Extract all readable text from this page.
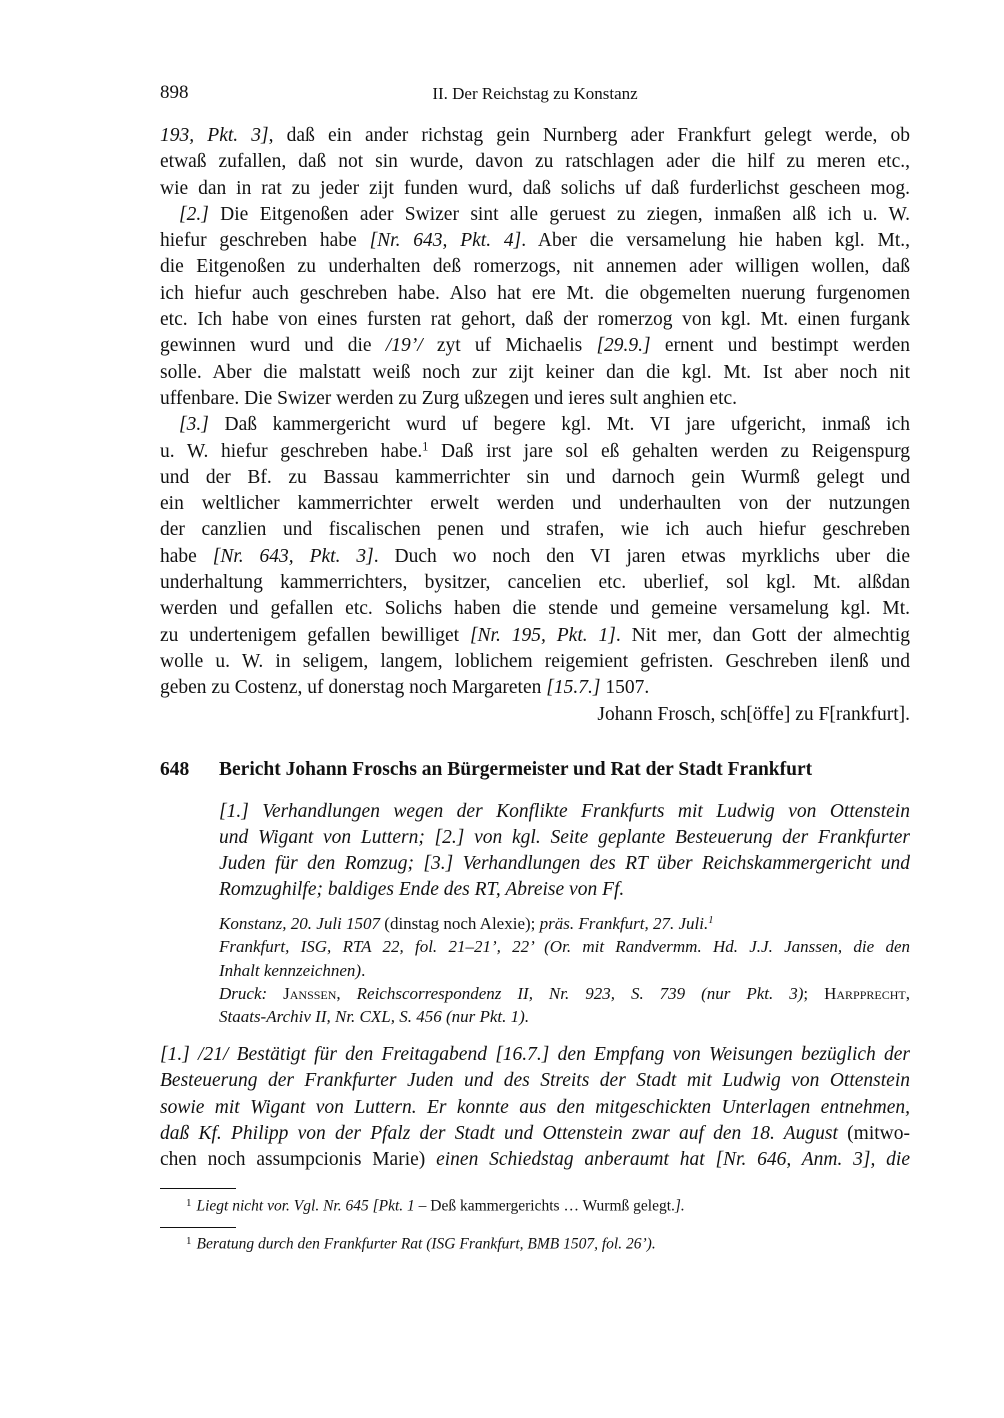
898	II. Der Reichstag zu Konstanz
193, Pkt. 3], daß ein ander richstag gein Nurnberg ader Frankfurt gelegt werde, ob
etwaß zufallen, daß not sin wurde, davon zu ratschlagen ader die hilf zu meren etc.,
wie dan in rat zu jeder zijt funden wurd, daß solichs uf daß furderlichst gescheen mog.
[2.] Die Eitgenoßen ader Swizer sint alle geruest zu ziegen, inmaßen alß ich u. W.
hiefur geschreben habe [Nr. 643, Pkt. 4]. Aber die versamelung hie haben kgl. Mt.,
die Eitgenoßen zu underhalten deß romerzogs, nit annemen ader willigen wollen, daß
ich hiefur auch geschreben habe. Also hat ere Mt. die obgemelten nuerung furgenomen
etc. Ich habe von eines fursten rat gehort, daß der romerzog von kgl. Mt. einen furgank
gewinnen wurd und die /19’/ zyt uf Michaelis [29.9.] ernent und bestimpt werden
solle. Aber die malstatt weiß noch zur zijt keiner dan die kgl. Mt. Ist aber noch nit
uffenbare. Die Swizer werden zu Zurg ußzegen und ieres sult anghien etc.
[3.] Daß kammergericht wurd uf begere kgl. Mt. VI jare ufgericht, inmaß ich
u. W. hiefur geschreben habe.$^1$ Daß irst jare sol eß gehalten werden zu Reigenspurg
und der Bf. zu Bassau kammerrichter sin und darnoch gein Wurmß gelegt und
ein weltlicher kammerrichter erwelt werden und underhaulten von der nutzungen
der canzlien und fiscalischen penen und strafen, wie ich auch hiefur geschreben
habe [Nr. 643, Pkt. 3]. Duch wo noch den VI jaren etwas myrklichs uber die
underhaltung kammerrichters, bysitzer, cancelien etc. uberlief, sol kgl. Mt. alßdan
werden und gefallen etc. Solichs haben die stende und gemeine versamelung kgl. Mt.
zu undertenigem gefallen bewilliget [Nr. 195, Pkt. 1]. Nit mer, dan Gott der almechtig
wolle u. W. in seligem, langem, loblichem reigemient gefristen. Geschreben ilenß und
geben zu Costenz, uf donerstag noch Margareten [15.7.] 1507.
Johann Frosch, sch[öffe] zu F[rankfurt].
648 Bericht Johann Froschs an Bürgermeister und Rat der Stadt Frankfurt
[1.] Verhandlungen wegen der Konflikte Frankfurts mit Ludwig von Ottenstein
und Wigant von Luttern; [2.] von kgl. Seite geplante Besteuerung der Frankfurter
Juden für den Romzug; [3.] Verhandlungen des RT über Reichskammergericht und
Romzughilfe; baldiges Ende des RT, Abreise von Ff.
Konstanz, 20. Juli 1507 (dinstag noch Alexie); präs. Frankfurt, 27. Juli.$^1$
Frankfurt, ISG, RTA 22, fol. 21–21’, 22’ (Or. mit Randvermm. Hd. J.J. Janssen, die den
Inhalt kennzeichnen).
Druck: Janssen, Reichscorrespondenz II, Nr. 923, S. 739 (nur Pkt. 3); Harpprecht,
Staats-Archiv II, Nr. CXL, S. 456 (nur Pkt. 1).
[1.] /21/ Bestätigt für den Freitagabend [16.7.] den Empfang von Weisungen bezüglich der
Besteuerung der Frankfurter Juden und des Streits der Stadt mit Ludwig von Ottenstein
sowie mit Wigant von Luttern. Er konnte aus den mitgeschickten Unterlagen entnehmen,
daß Kf. Philipp von der Pfalz der Stadt und Ottenstein zwar auf den 18. August (mitwo-
chen noch assumpcionis Marie) einen Schiedstag anberaumt hat [Nr. 646, Anm. 3], die
$^1$ Liegt nicht vor. Vgl. Nr. 645 [Pkt. 1 – Deß kammergerichts … Wurmß gelegt.].
$^1$ Beratung durch den Frankfurter Rat (ISG Frankfurt, BMB 1507, fol. 26’).
